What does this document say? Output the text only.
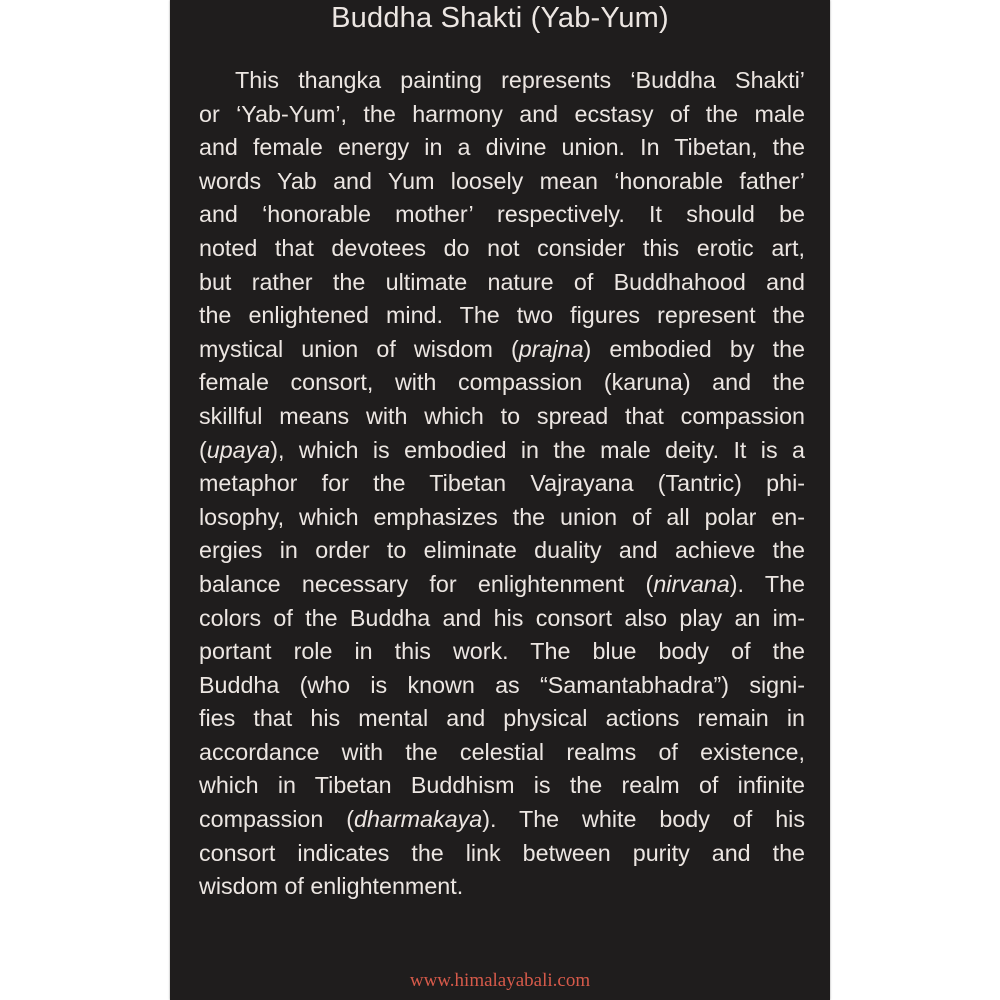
Buddha Shakti (Yab-Yum)
This thangka painting represents ‘Buddha Shakti’
or ‘Yab-Yum’, the harmony and ecstasy of the male
and female energy in a divine union. In Tibetan, the
words Yab and Yum loosely mean ‘honorable father’
and ‘honorable mother’ respectively. It should be
noted that devotees do not consider this erotic art,
but rather the ultimate nature of Buddhahood and
the enlightened mind. The two figures represent the
mystical union of wisdom (prajna) embodied by the
female consort, with compassion (karuna) and the
skillful means with which to spread that compassion
(upaya), which is embodied in the male deity. It is a
metaphor for the Tibetan Vajrayana (Tantric) phi-
losophy, which emphasizes the union of all polar en-
ergies in order to eliminate duality and achieve the
balance necessary for enlightenment (nirvana). The
colors of the Buddha and his consort also play an im-
portant role in this work. The blue body of the
Buddha (who is known as “Samantabhadra”) signi-
fies that his mental and physical actions remain in
accordance with the celestial realms of existence,
which in Tibetan Buddhism is the realm of infinite
compassion (dharmakaya). The white body of his
consort indicates the link between purity and the
wisdom of enlightenment.
www.himalayabali.com
